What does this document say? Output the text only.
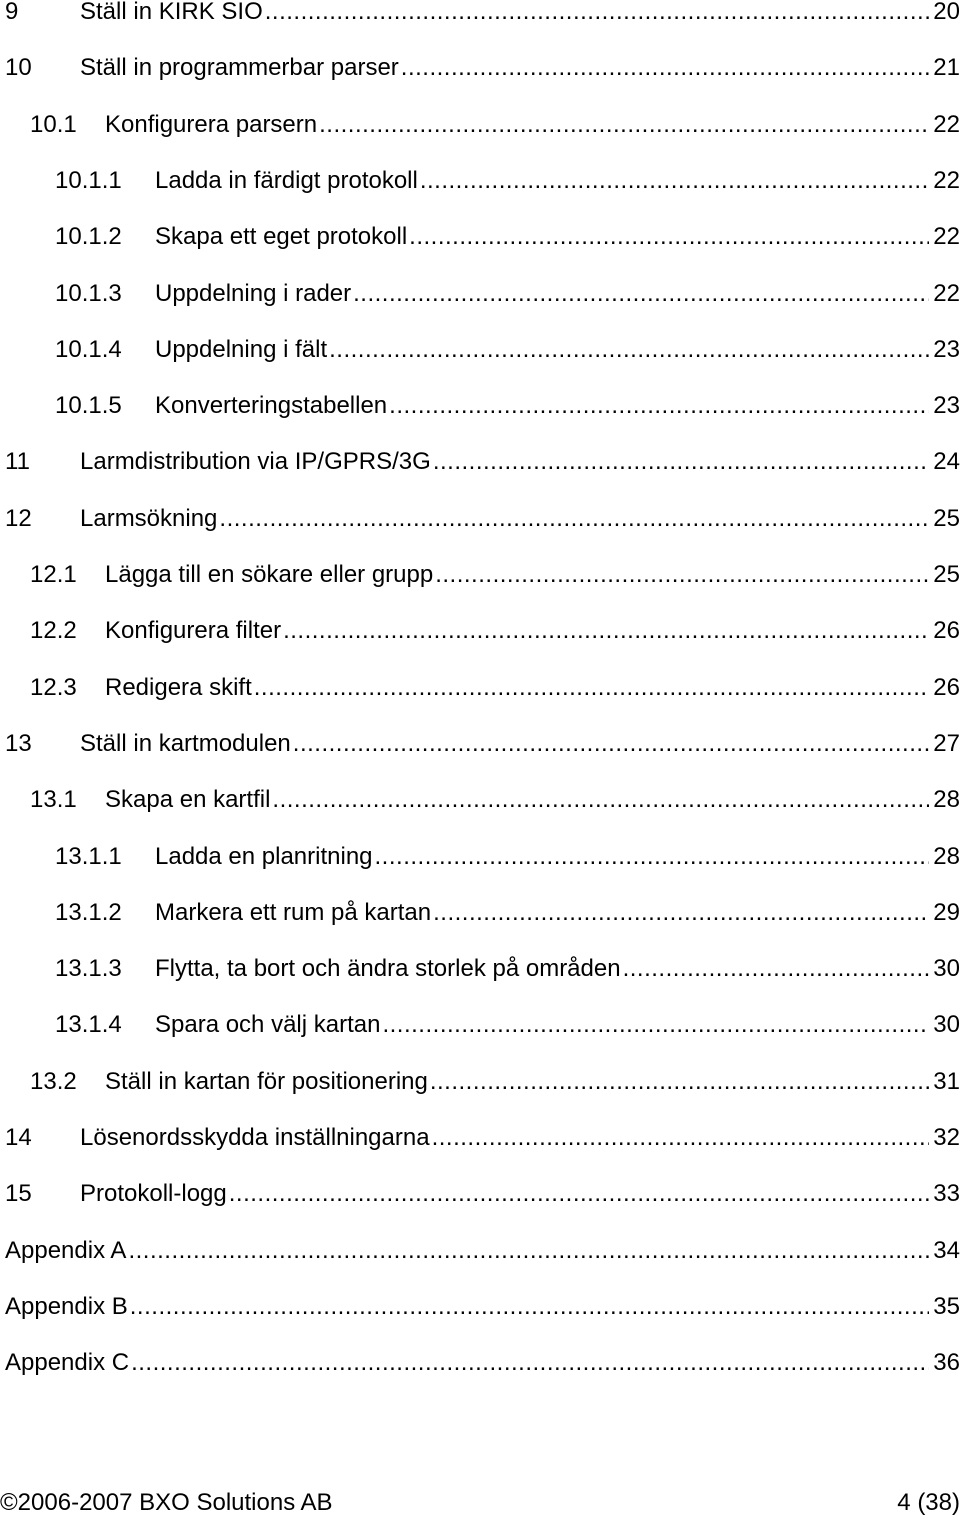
9	Ställ in KIRK SIO .....	20
10 Ställ in programmerbar parser .....	21
10.1 Konfigurera parsern .....	22
10.1.1 Ladda in färdigt protokoll .....	22
10.1.2 Skapa ett eget protokoll .....	22
10.1.3 Uppdelning i rader .....	22
10.1.4 Uppdelning i fält .....	23
10.1.5 Konverteringstabellen .....	23
11 Larmdistribution via IP/GPRS/3G .....	24
12 Larmsökning .....	25
12.1 Lägga till en sökare eller grupp .....	25
12.2 Konfigurera filter .....	26
12.3 Redigera skift .....	26
13 Ställ in kartmodulen .....	27
13.1 Skapa en kartfil .....	28
13.1.1 Ladda en planritning .....	28
13.1.2 Markera ett rum på kartan .....	29
13.1.3 Flytta, ta bort och ändra storlek på områden .....	30
13.1.4 Spara och välj kartan .....	30
13.2 Ställ in kartan för positionering .....	31
14 Lösenordsskydda inställningarna .....	32
15 Protokoll-logg .....	33
Appendix A .....	34
Appendix B .....	35
Appendix C .....	36
©2006-2007 BXO Solutions AB	4 (38)
